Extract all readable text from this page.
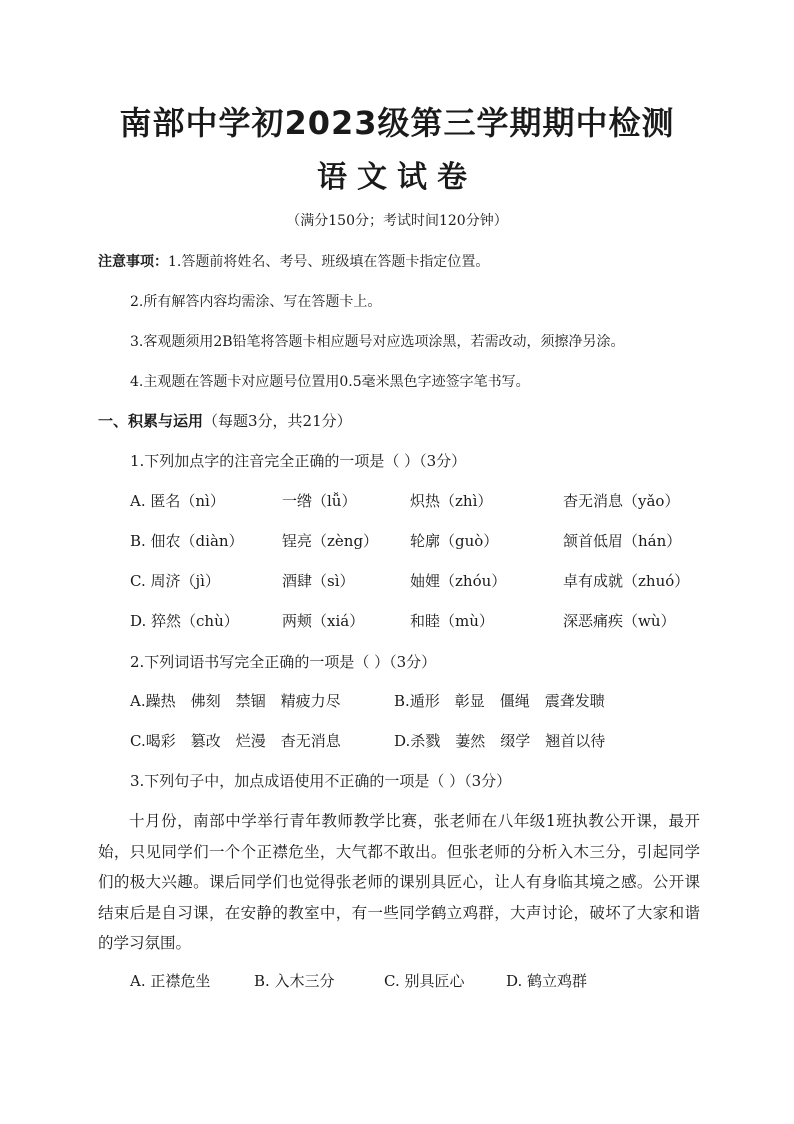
南部中学初2023级第三学期期中检测
语文试卷
（满分150分；考试时间120分钟）
注意事项：1.答题前将姓名、考号、班级填在答题卡指定位置。
2.所有解答内容均需涂、写在答题卡上。
3.客观题须用2B铅笔将答题卡相应题号对应选项涂黑，若需改动，须擦净另涂。
4.主观题在答题卡对应题号位置用0.5毫米黑色字迹签字笔书写。
一、积累与运用（每题3分，共21分）
1.下列加点字的注音完全正确的一项是（ ）（3分）
A. 匿名（nì）	一绺（lǚ）	炽热（zhì）	杳无消息（yǎo）
B. 佃农（diàn）	锃亮（zèng） 轮廓（guò）	颔首低眉（hán）
C. 周济（jì）	酒肆（sì）	妯娌（zhóu）	卓有成就（zhuó）
D. 猝然（chù）	两颊（xiá）	和睦（mù）	深恶痛疾（wù）
2.下列词语书写完全正确的一项是（ ）（3分）
A.躁热　佛刻　禁锢　精疲力尽	B.遁形　彰显　僵绳　震聋发聩
C.喝彩　篡改　烂漫　杳无消息	D.杀戮　萋然　缀学　翘首以待
3.下列句子中，加点成语使用不正确的一项是（ ）（3分）
十月份，南部中学举行青年教师教学比赛，张老师在八年级1班执教公开课，最开始，只见同学们一个个正襟危坐，大气都不敢出。但张老师的分析入木三分，引起同学们的极大兴趣。课后同学们也觉得张老师的课别具匠心，让人有身临其境之感。公开课结束后是自习课，在安静的教室中，有一些同学鹤立鸡群，大声讨论，破坏了大家和谐的学习氛围。
A. 正襟危坐	B. 入木三分	C. 别具匠心	D. 鹤立鸡群
